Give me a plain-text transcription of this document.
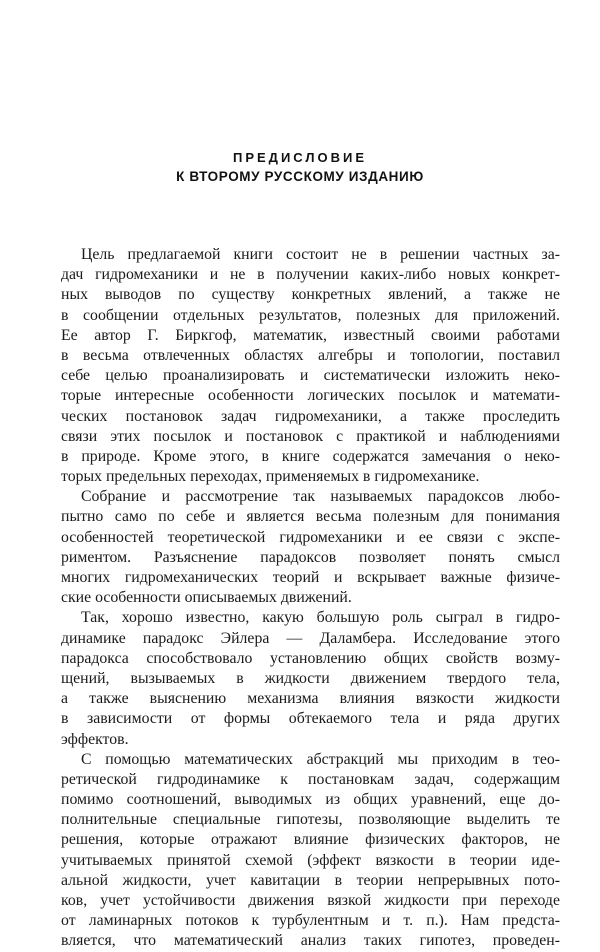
ПРЕДИСЛОВИЕ
К ВТОРОМУ РУССКОМУ ИЗДАНИЮ
Цель предлагаемой книги состоит не в решении частных за-
дач гидромеханики и не в получении каких-либо новых конкрет-
ных выводов по существу конкретных явлений, а также не
в сообщении отдельных результатов, полезных для приложений.
Ее автор Г. Биркгоф, математик, известный своими работами
в весьма отвлеченных областях алгебры и топологии, поставил
себе целью проанализировать и систематически изложить неко-
торые интересные особенности логических посылок и математи-
ческих постановок задач гидромеханики, а также проследить
связи этих посылок и постановок с практикой и наблюдениями
в природе. Кроме этого, в книге содержатся замечания о неко-
торых предельных переходах, применяемых в гидромеханике.
Собрание и рассмотрение так называемых парадоксов любо-
пытно само по себе и является весьма полезным для понимания
особенностей теоретической гидромеханики и ее связи с экспе-
риментом. Разъяснение парадоксов позволяет понять смысл
многих гидромеханических теорий и вскрывает важные физиче-
ские особенности описываемых движений.
Так, хорошо известно, какую большую роль сыграл в гидро-
динамике парадокс Эйлера — Даламбера. Исследование этого
парадокса способствовало установлению общих свойств возму-
щений, вызываемых в жидкости движением твердого тела,
а также выяснению механизма влияния вязкости жидкости
в зависимости от формы обтекаемого тела и ряда других
эффектов.
С помощью математических абстракций мы приходим в тео-
ретической гидродинамике к постановкам задач, содержащим
помимо соотношений, выводимых из общих уравнений, еще до-
полнительные специальные гипотезы, позволяющие выделить те
решения, которые отражают влияние физических факторов, не
учитываемых принятой схемой (эффект вязкости в теории иде-
альной жидкости, учет кавитации в теории непрерывных пото-
ков, учет устойчивости движения вязкой жидкости при переходе
от ламинарных потоков к турбулентным и т. п.). Нам предста-
вляется, что математический анализ таких гипотез, проведен-
